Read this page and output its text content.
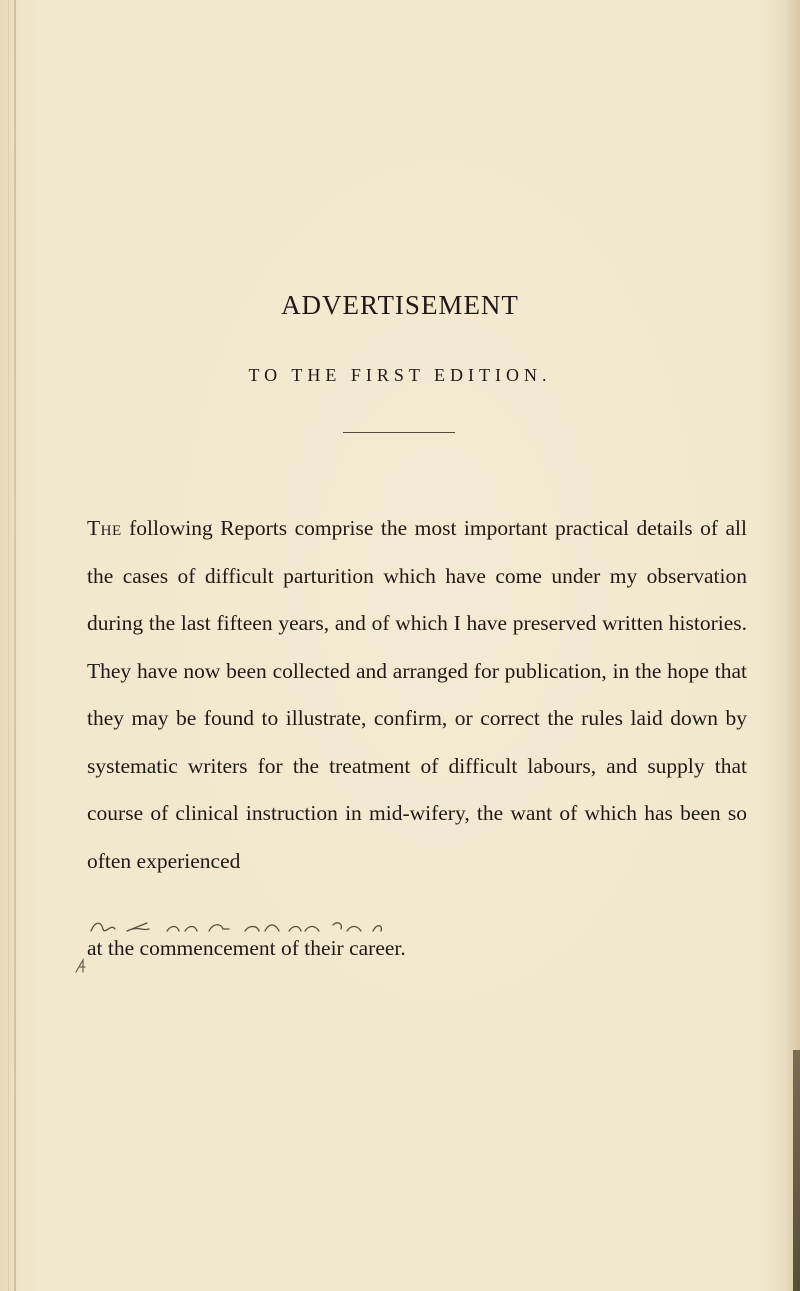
ADVERTISEMENT
TO THE FIRST EDITION.
The following Reports comprise the most important practical details of all the cases of difficult parturition which have come under my observation during the last fifteen years, and of which I have preserved written histories. They have now been collected and arranged for publication, in the hope that they may be found to illustrate, confirm, or correct the rules laid down by systematic writers for the treatment of difficult labours, and supply that course of clinical instruction in mid-wifery, the want of which has been so often experienced
at the commencement of their career.
